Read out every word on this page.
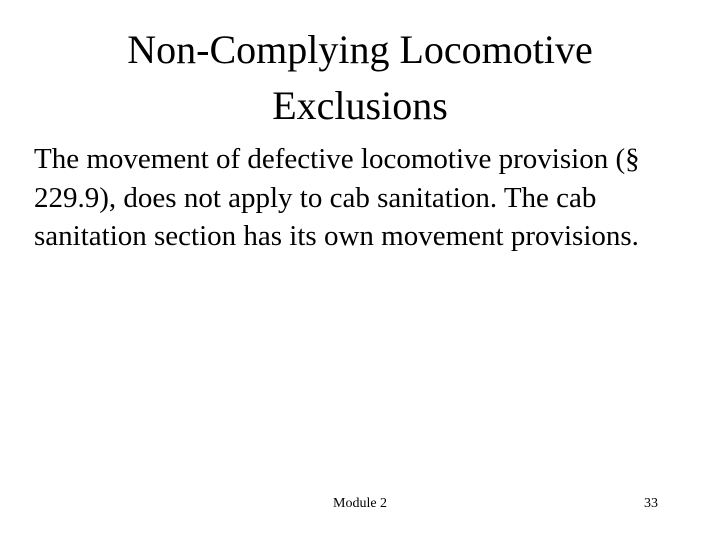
Non-Complying Locomotive
Exclusions
The movement of defective locomotive provision (§ 229.9), does not apply to cab sanitation. The cab sanitation section has its own movement provisions.
Module 2	33
